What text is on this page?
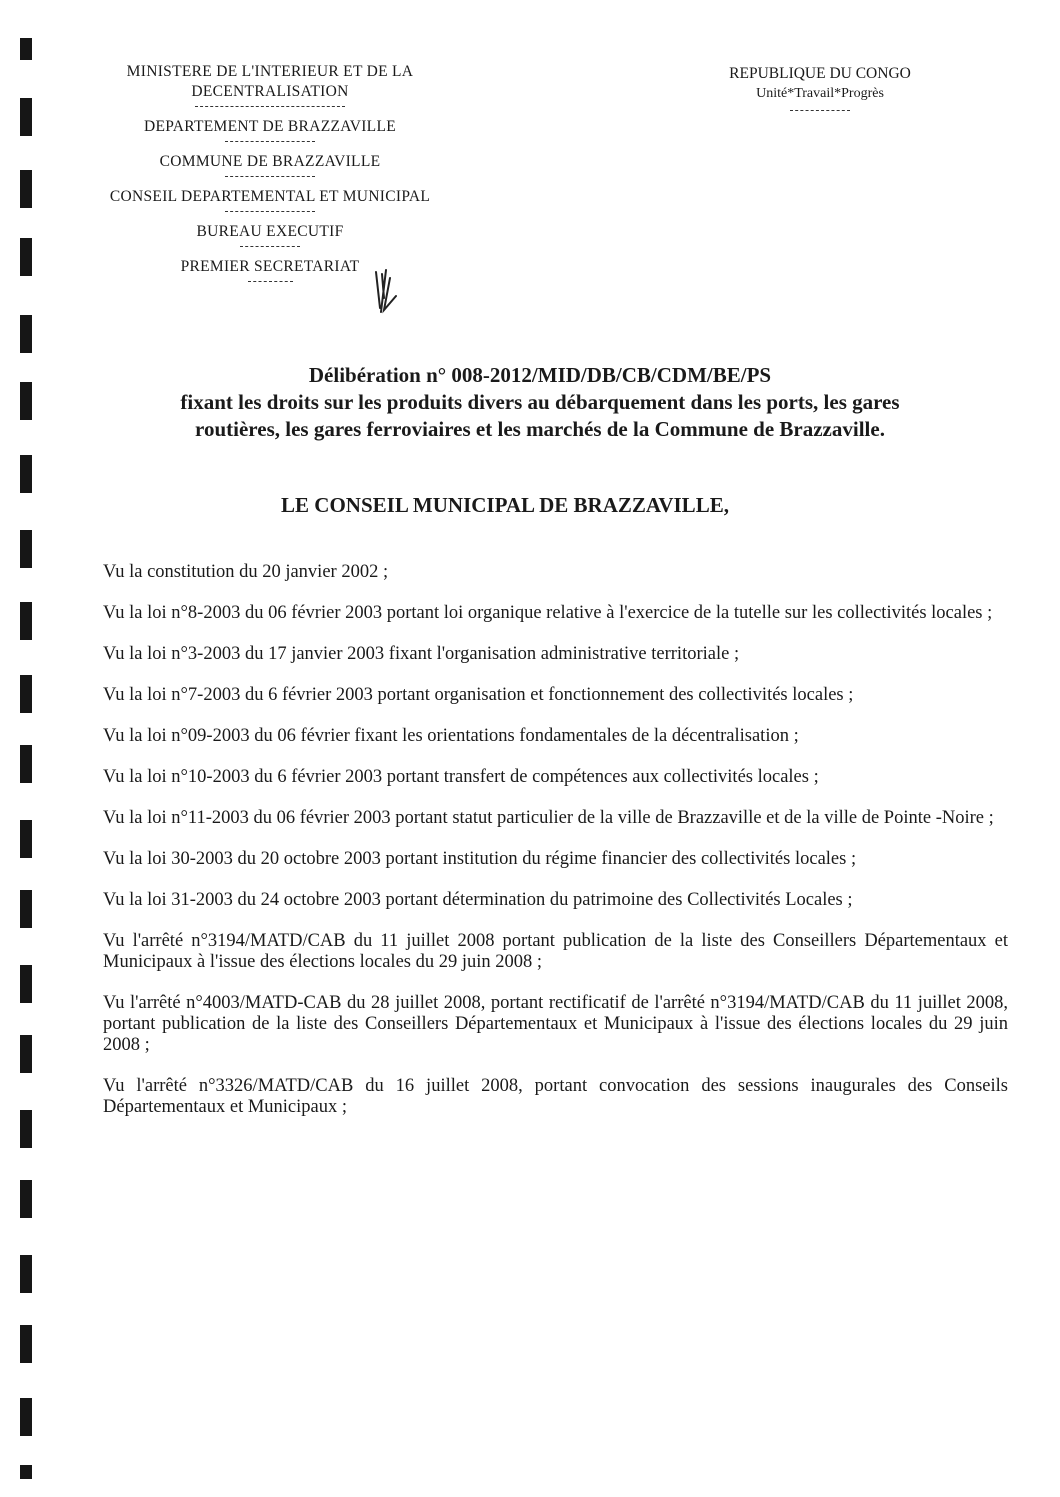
MINISTERE DE L'INTERIEUR ET DE LA
DECENTRALISATION
DEPARTEMENT DE BRAZZAVILLE
COMMUNE DE BRAZZAVILLE
CONSEIL DEPARTEMENTAL ET MUNICIPAL
BUREAU EXECUTIF
PREMIER SECRETARIAT
REPUBLIQUE DU CONGO

Unité*Travail*Progrès
Délibération n° 008-2012/MID/DB/CB/CDM/BE/PS
fixant les droits sur les produits divers au débarquement dans les ports, les gares
routières, les gares ferroviaires et les marchés de la Commune de Brazzaville.
LE CONSEIL MUNICIPAL DE BRAZZAVILLE,

Vu la constitution du 20 janvier 2002 ;

Vu la loi n°8-2003 du 06 février 2003 portant loi organique relative à l'exercice de la tutelle sur les collectivités locales ;

Vu la loi n°3-2003 du 17 janvier 2003 fixant l'organisation administrative territoriale ;

Vu la loi n°7-2003 du 6 février 2003 portant organisation et fonctionnement des collectivités locales ;

Vu la loi n°09-2003 du 06 février fixant les orientations fondamentales de la décentralisation ;

Vu la loi n°10-2003 du 6 février 2003 portant transfert de compétences aux collectivités locales ;

Vu la loi n°11-2003 du 06 février 2003 portant statut particulier de la ville de Brazzaville et de la ville de Pointe -Noire ;

Vu la loi 30-2003 du 20 octobre 2003 portant institution du régime financier des collectivités locales ;

Vu la loi 31-2003 du 24 octobre 2003 portant détermination du patrimoine des Collectivités Locales ;

Vu l'arrêté n°3194/MATD/CAB du 11 juillet 2008 portant publication de la liste des Conseillers Départementaux et Municipaux à l'issue des élections locales du 29 juin 2008 ;

Vu l'arrêté n°4003/MATD-CAB du 28 juillet 2008, portant rectificatif de l'arrêté n°3194/MATD/CAB du 11 juillet 2008, portant publication de la liste des Conseillers Départementaux et Municipaux à l'issue des élections locales du 29 juin 2008 ;

Vu l'arrêté n°3326/MATD/CAB du 16 juillet 2008, portant convocation des sessions inaugurales des Conseils Départementaux et Municipaux ;
